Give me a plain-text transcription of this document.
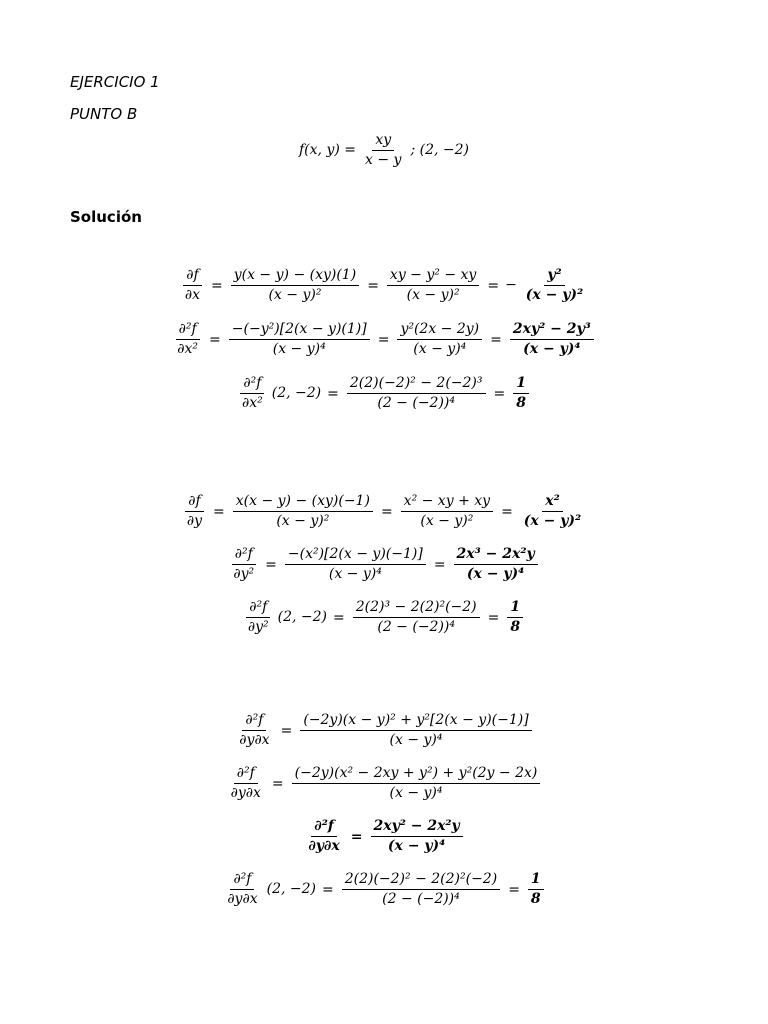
EJERCICIO 1
PUNTO B
Solución
f(x, $y) = \frac{xy}{x - y}$ ; (2, −2)
$\frac{\partial f}{\partial x} = \frac{y(x - y) - (xy)(1)}{\text{(x − y)²}} = \frac{\text{xy − y² − xy}}{\text{(x − y)²}}$ = − $\frac{\text{y²}}{\text{(x − y)²}}$
$\frac{\text{∂²f}}{\text{∂x²}} = \frac{\text{−(−y²)[2(x − y)(1)]}}{\text{(x − y)⁴}} = \frac{\text{y²(2x − 2y)}}{\text{(x − y)⁴}} = \frac{\text{2xy² − 2y³}}{\text{(x − y)⁴}}$
$\frac{\text{∂²f}}{\text{∂x²}} (2$, $-2) = \frac{\text{2(2)(−2)² − 2(−2)³}}{\text{(2 − (−2))⁴}} = \frac{1}{8}$
$\frac{\partial f}{\partial y} = \frac{x(x - y) - (xy)(-1)}{\text{(x − y)²}} = \frac{\text{x² − xy + xy}}{\text{(x − y)²}} = \frac{\text{x²}}{\text{(x − y)²}}$
$\frac{\text{∂²f}}{\text{∂y²}} = \frac{\text{−(x²)[2(x − y)(−1)]}}{\text{(x − y)⁴}} = \frac{\text{2x³ − 2x²y}}{\text{(x − y)⁴}}$
$\frac{\text{∂²f}}{\text{∂y²}} (2$, $-2) = \frac{\text{2(2)³ − 2(2)²(−2)}}{\text{(2 − (−2))⁴}} = \frac{1}{8}$
$\frac{\text{∂²f}}{\partial y\partial x} = \frac{\text{(−2y)(x − y)² + y²[2(x − y)(−1)]}}{\text{(x − y)⁴}}$
$\frac{\text{∂²f}}{\partial y\partial x} = \frac{\text{(−2y)(x² − 2xy + y²) + y²(2y − 2x)}}{\text{(x − y)⁴}}$
$\frac{\text{∂²f}}{\partial y\partial x} = \frac{\text{2xy² − 2x²y}}{\text{(x − y)⁴}}$
$\frac{\text{∂²f}}{\partial y\partial x} (2$, $-2) = \frac{\text{2(2)(−2)² − 2(2)²(−2)}}{\text{(2 − (−2))⁴}} = \frac{1}{8}$
